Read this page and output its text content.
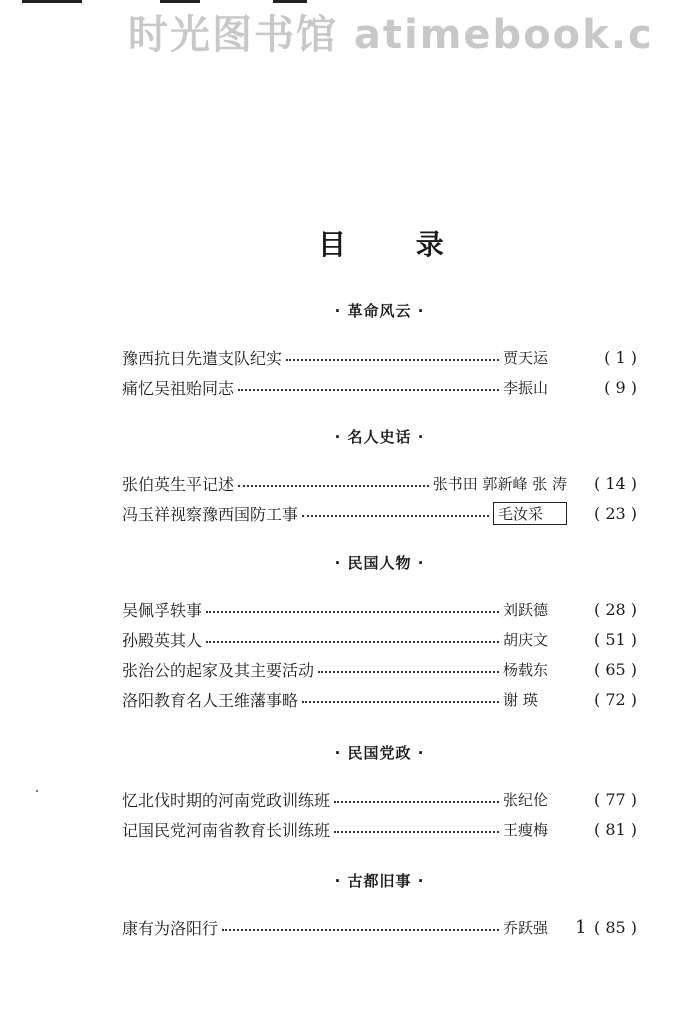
时光图书馆 atimebook.c
目 录
· 革命风云 ·
豫西抗日先遣支队纪实	贾天运	( 1 )
痛忆吴祖贻同志	李振山	( 9 )
· 名人史话 ·
张伯英生平记述	张书田 郭新峰 张 涛	( 14 )
冯玉祥视察豫西国防工事	毛汝采	( 23 )
· 民国人物 ·
吴佩孚轶事	刘跃德	( 28 )
孙殿英其人	胡庆文	( 51 )
张治公的起家及其主要活动	杨载东	( 65 )
洛阳教育名人王维藩事略	谢 瑛	( 72 )
· 民国党政 ·
忆北伐时期的河南党政训练班	张纪伦	( 77 )
记国民党河南省教育长训练班	王瘦梅	( 81 )
· 古都旧事 ·
康有为洛阳行	乔跃强	( 85 )
1
